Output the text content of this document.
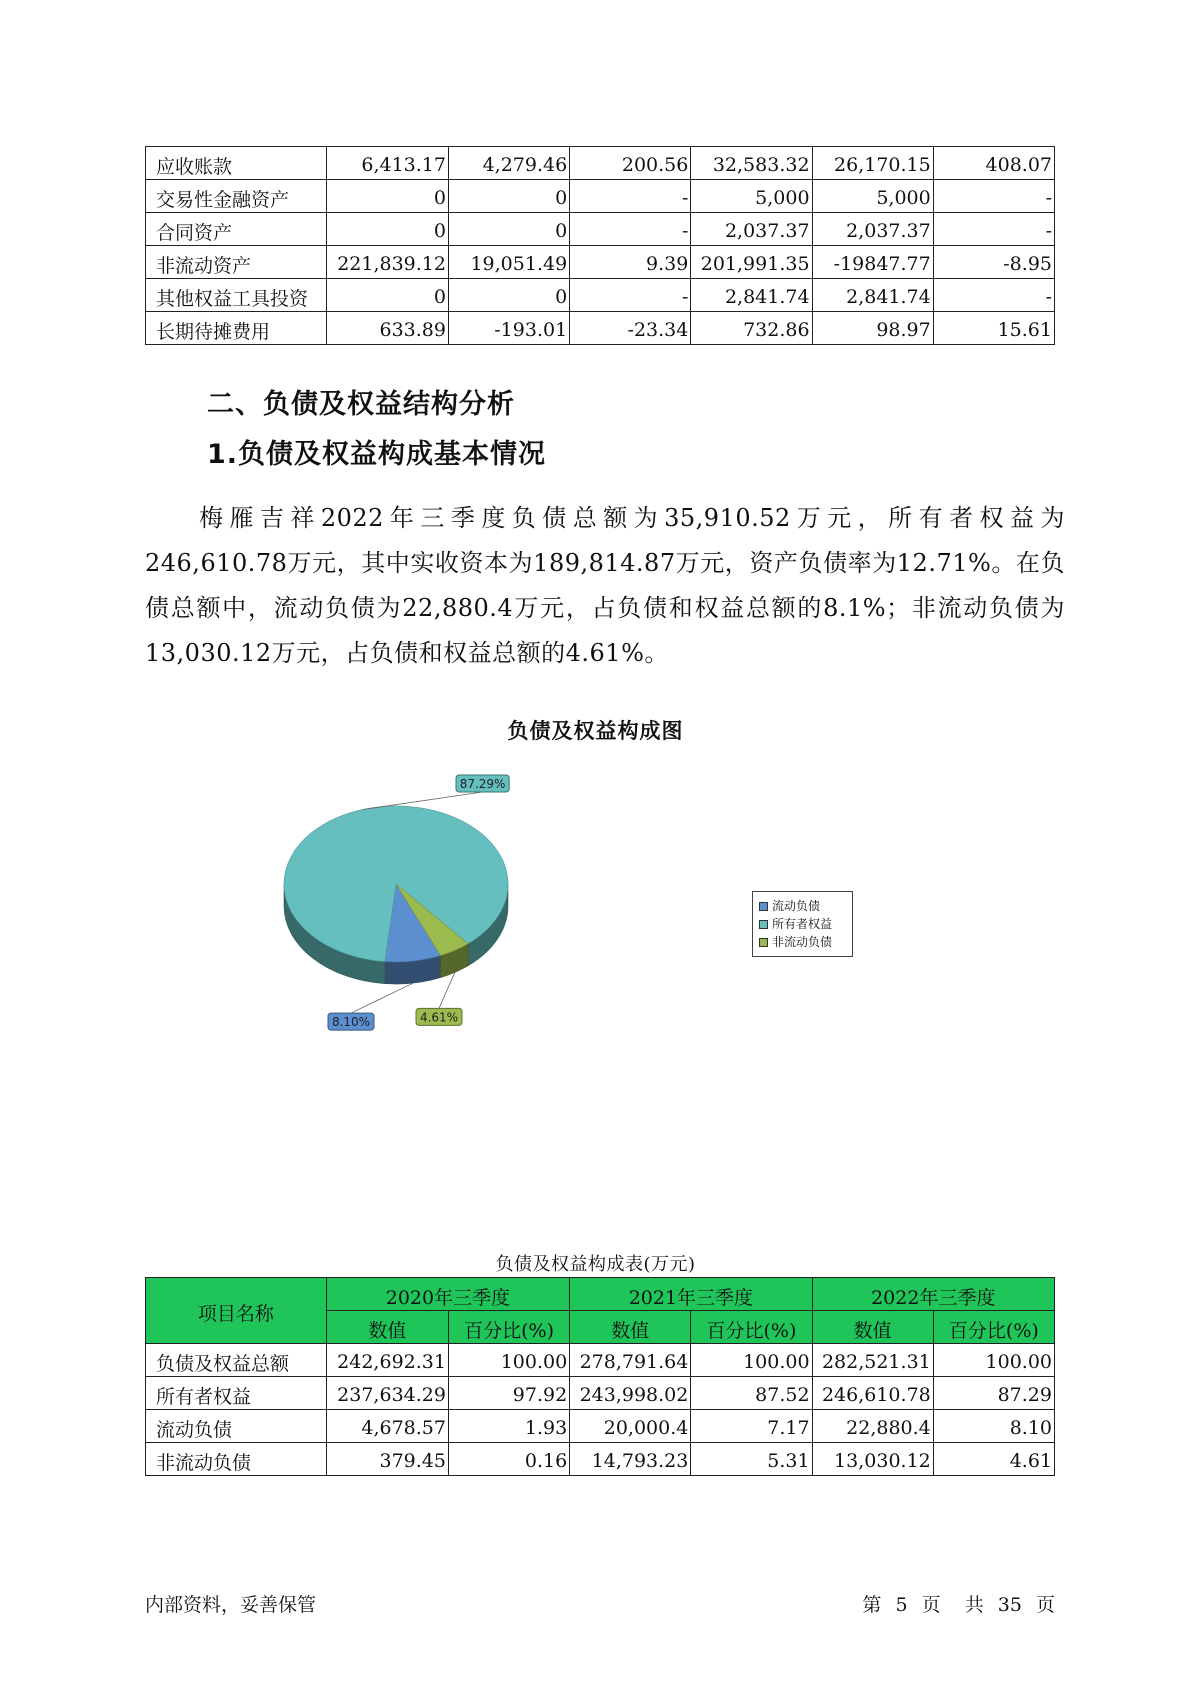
应收账款	6,413.17	4,279.46	200.56	32,583.32	26,170.15	408.07
交易性金融资产	0	0	-	5,000	5,000	-
合同资产	0	0	-	2,037.37	2,037.37	-
非流动资产	221,839.12	19,051.49	9.39	201,991.35	-19847.77	-8.95
其他权益工具投资	0	0	-	2,841.74	2,841.74	-
长期待摊费用	633.89	-193.01	-23.34	732.86	98.97	15.61
二、负债及权益结构分析
1.负债及权益构成基本情况

梅雁吉祥2022年三季度负债总额为35,910.52万元，所有者权益为246,610.78万元，其中实收资本为189,814.87万元，资产负债率为12.71%。在负债总额中，流动负债为22,880.4万元，占负债和权益总额的8.1%；非流动负债为13,030.12万元，占负债和权益总额的4.61%。

负债及权益构成图
8.10%
87.29%
4.61%
流动负债
所有者权益
非流动负债
负债及权益构成表(万元)
项目名称	2020年三季度		2021年三季度		2022年三季度	
	数值	百分比(%)	数值	百分比(%)	数值	百分比(%)
负债及权益总额	242,692.31	100.00	278,791.64	100.00	282,521.31	100.00
所有者权益	237,634.29	97.92	243,998.02	87.52	246,610.78	87.29
流动负债	4,678.57	1.93	20,000.4	7.17	22,880.4	8.10
非流动负债	379.45	0.16	14,793.23	5.31	13,030.12	4.61
内部资料，妥善保管	第 5 页 共 35 页
